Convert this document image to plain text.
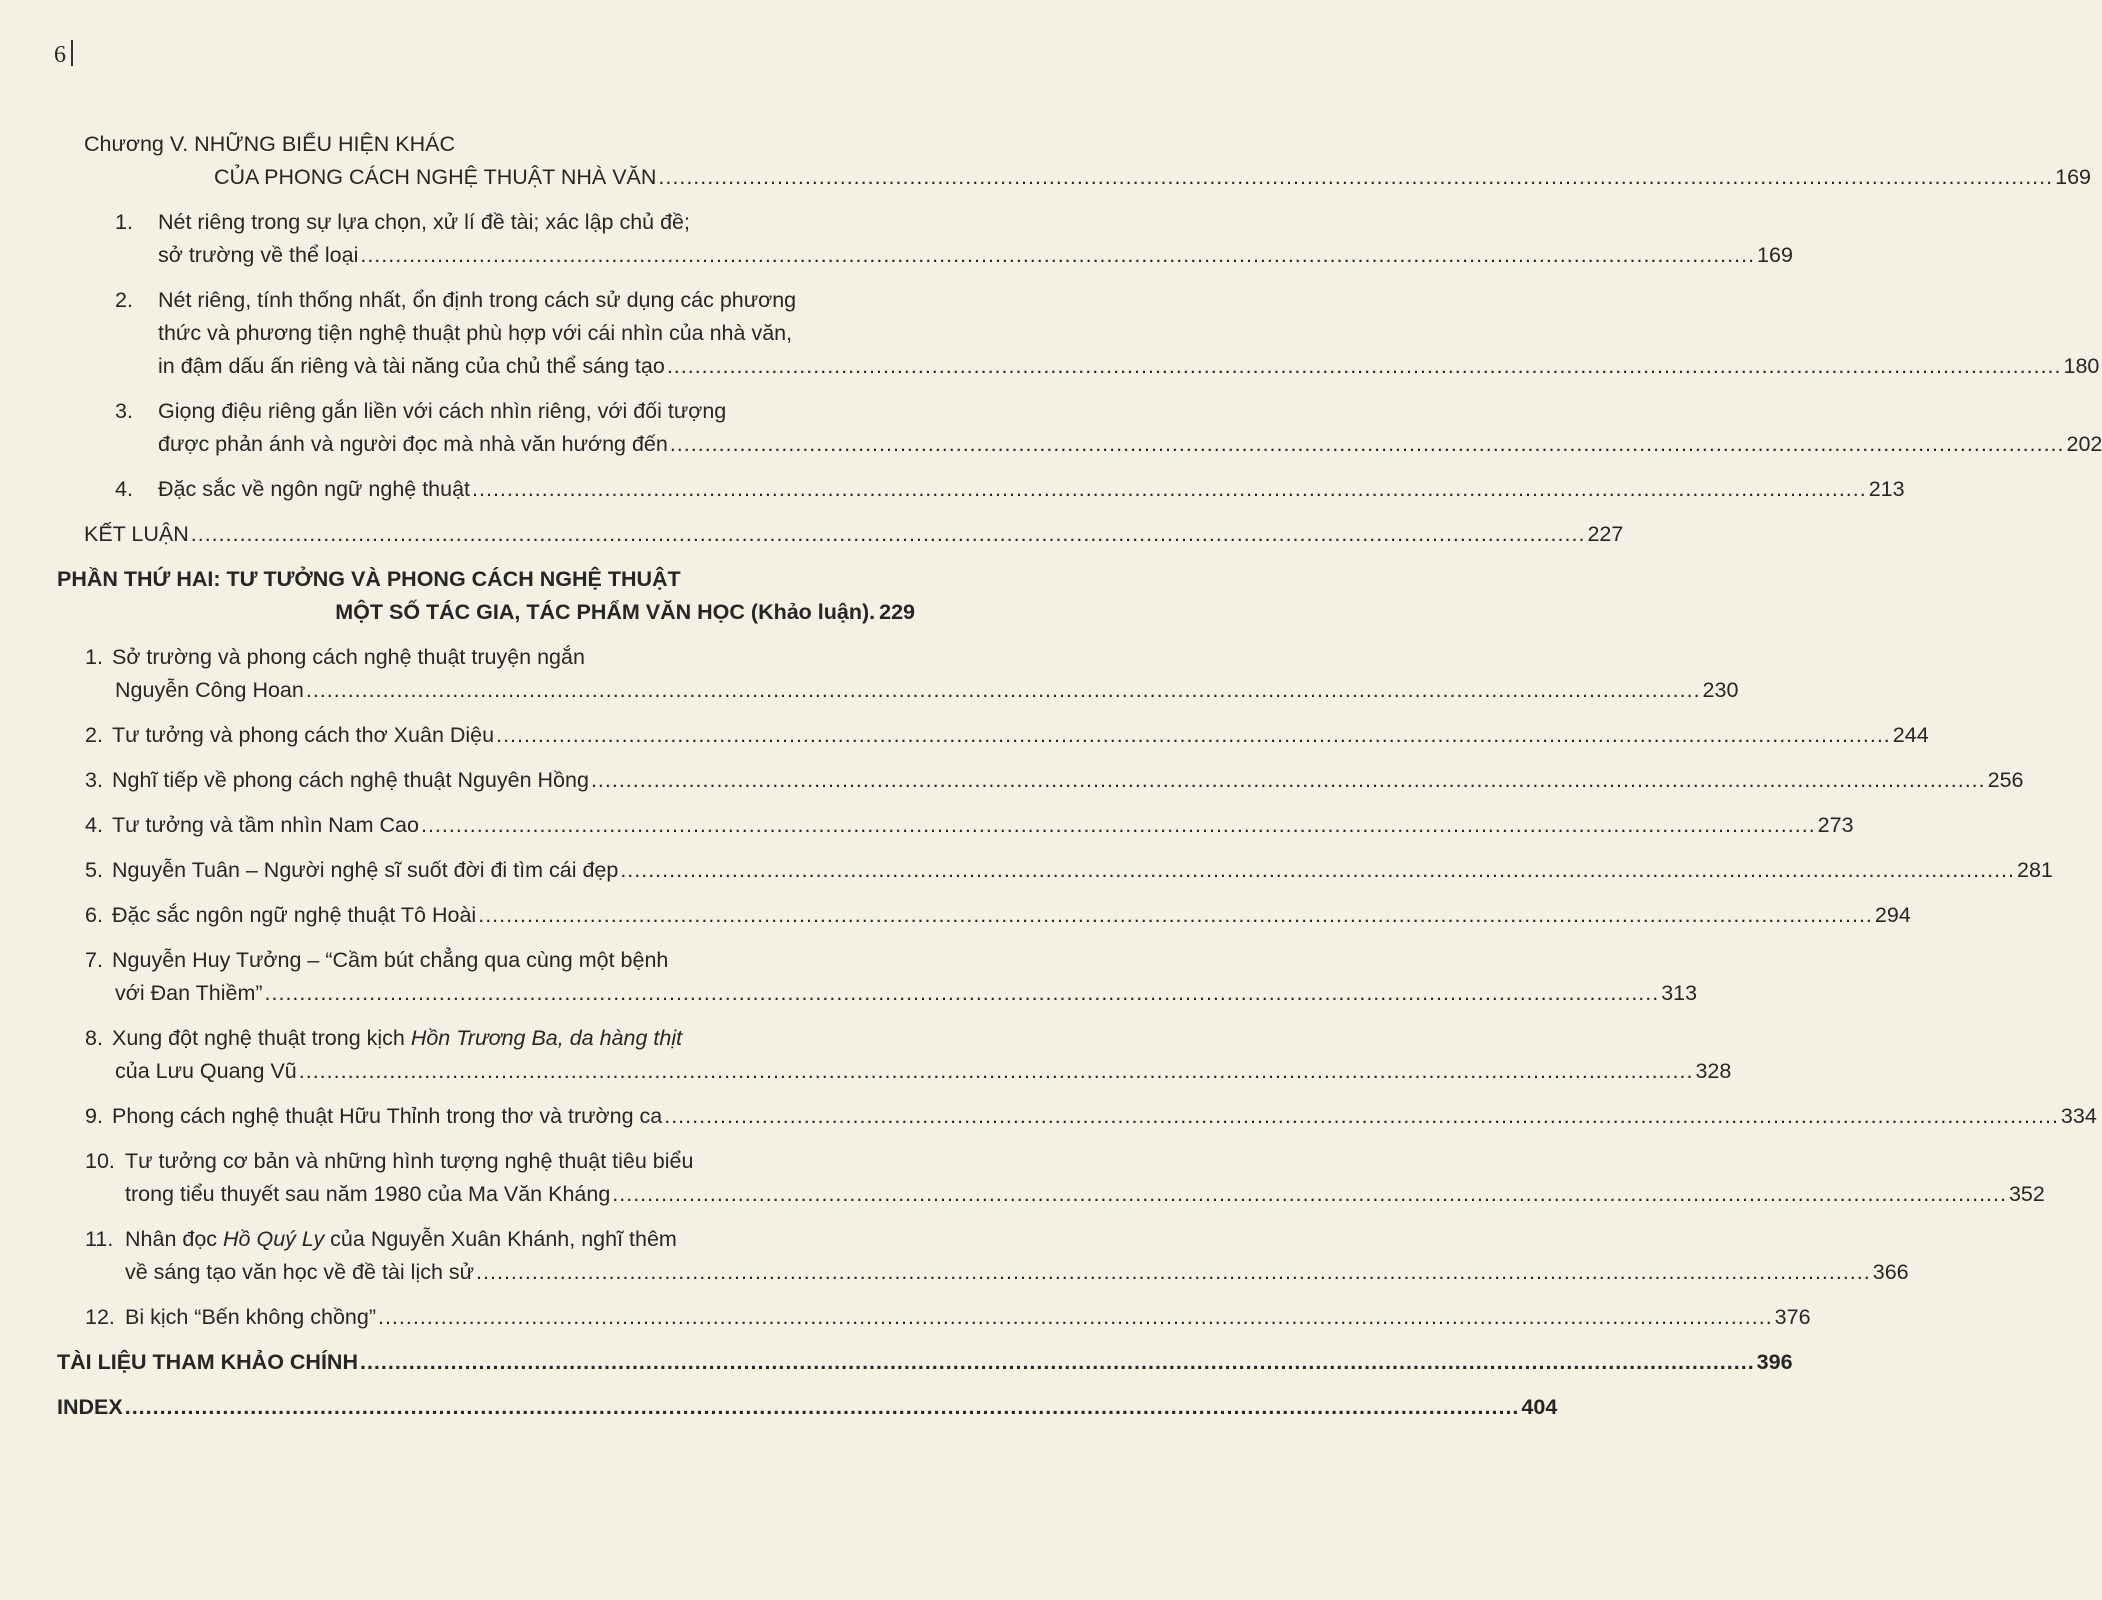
6
Chương V. NHỮNG BIỂU HIỆN KHÁC
CỦA PHONG CÁCH NGHỆ THUẬT NHÀ VĂN ........................................................................................................................................................................................................ 169
1. Nét riêng trong sự lựa chọn, xử lí đề tài; xác lập chủ đề;
sở trường về thể loại ........................................................................................................................................................................................................ 169
2. Nét riêng, tính thống nhất, ổn định trong cách sử dụng các phương
thức và phương tiện nghệ thuật phù hợp với cái nhìn của nhà văn,
in đậm dấu ấn riêng và tài năng của chủ thể sáng tạo ........................................................................................................................................................................................................ 180
3. Giọng điệu riêng gắn liền với cách nhìn riêng, với đối tượng
được phản ánh và người đọc mà nhà văn hướng đến ........................................................................................................................................................................................................ 202
4. Đặc sắc về ngôn ngữ nghệ thuật ........................................................................................................................................................................................................ 213
KẾT LUẬN ........................................................................................................................................................................................................ 227
PHẦN THỨ HAI: TƯ TƯỞNG VÀ PHONG CÁCH NGHỆ THUẬT
MỘT SỐ TÁC GIA, TÁC PHẨM VĂN HỌC (Khảo luận). 229
1. Sở trường và phong cách nghệ thuật truyện ngắn
Nguyễn Công Hoan ........................................................................................................................................................................................................ 230
2. Tư tưởng và phong cách thơ Xuân Diệu ........................................................................................................................................................................................................ 244
3. Nghĩ tiếp về phong cách nghệ thuật Nguyên Hồng ........................................................................................................................................................................................................ 256
4. Tư tưởng và tầm nhìn Nam Cao ........................................................................................................................................................................................................ 273
5. Nguyễn Tuân – Người nghệ sĩ suốt đời đi tìm cái đẹp ........................................................................................................................................................................................................ 281
6. Đặc sắc ngôn ngữ nghệ thuật Tô Hoài ........................................................................................................................................................................................................ 294
7. Nguyễn Huy Tưởng – “Cầm bút chẳng qua cùng một bệnh
với Đan Thiềm” ........................................................................................................................................................................................................ 313
8. Xung đột nghệ thuật trong kịch Hồn Trương Ba, da hàng thịt
của Lưu Quang Vũ ........................................................................................................................................................................................................ 328
9. Phong cách nghệ thuật Hữu Thỉnh trong thơ và trường ca ........................................................................................................................................................................................................ 334
10. Tư tưởng cơ bản và những hình tượng nghệ thuật tiêu biểu
trong tiểu thuyết sau năm 1980 của Ma Văn Kháng ........................................................................................................................................................................................................ 352
11. Nhân đọc Hồ Quý Ly của Nguyễn Xuân Khánh, nghĩ thêm
về sáng tạo văn học về đề tài lịch sử ........................................................................................................................................................................................................ 366
12. Bi kịch “Bến không chồng” ........................................................................................................................................................................................................ 376
TÀI LIỆU THAM KHẢO CHÍNH ........................................................................................................................................................................................................ 396
INDEX ........................................................................................................................................................................................................ 404
